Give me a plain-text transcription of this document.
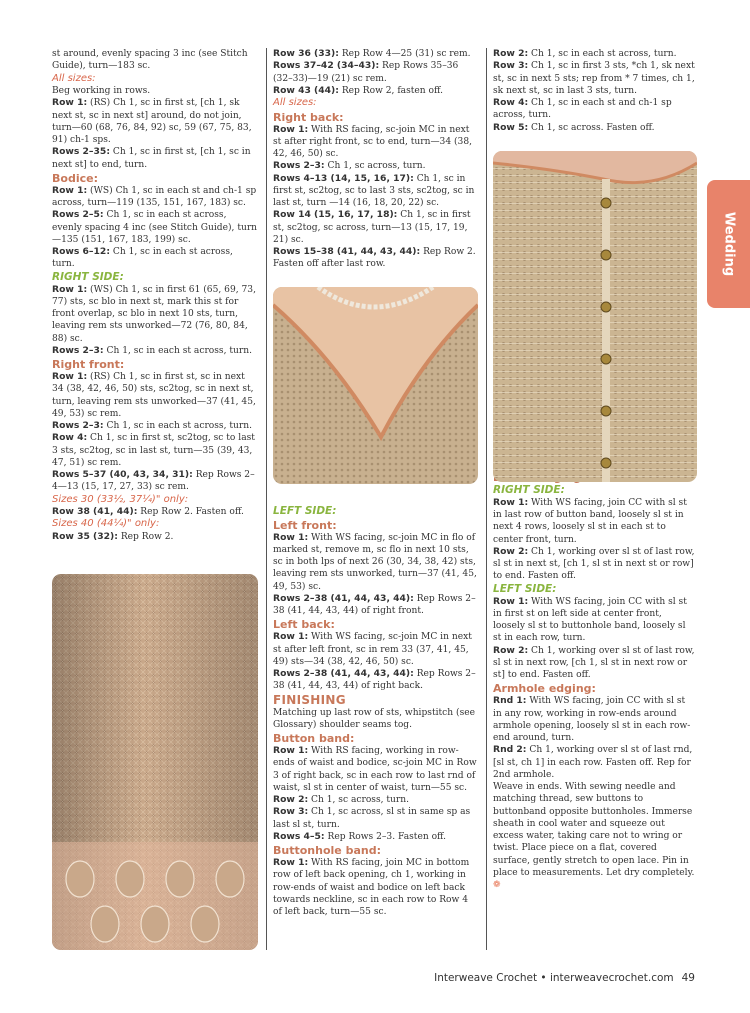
Wedding
st around, evenly spacing 3 inc (see Stitch Guide), turn—183 sc.
All sizes:
Beg working in rows.
Row 1: (RS) Ch 1, sc in first st, [ch 1, sk next st, sc in next st] around, do not join, turn—60 (68, 76, 84, 92) sc, 59 (67, 75, 83, 91) ch-1 sps.
Rows 2–35: Ch 1, sc in first st, [ch 1, sc in next st] to end, turn.
Bodice:
Row 1: (WS) Ch 1, sc in each st and ch-1 sp across, turn—119 (135, 151, 167, 183) sc.
Rows 2–5: Ch 1, sc in each st across, evenly spacing 4 inc (see Stitch Guide), turn—135 (151, 167, 183, 199) sc.
Rows 6–12: Ch 1, sc in each st across, turn.
RIGHT SIDE:
Row 1: (WS) Ch 1, sc in first 61 (65, 69, 73, 77) sts, sc blo in next st, mark this st for front overlap, sc blo in next 10 sts, turn, leaving rem sts unworked—72 (76, 80, 84, 88) sc.
Rows 2–3: Ch 1, sc in each st across, turn.
Right front:
Row 1: (RS) Ch 1, sc in first st, sc in next 34 (38, 42, 46, 50) sts, sc2tog, sc in next st, turn, leaving rem sts unworked—37 (41, 45, 49, 53) sc rem.
Rows 2–3: Ch 1, sc in each st across, turn.
Row 4: Ch 1, sc in first st, sc2tog, sc to last 3 sts, sc2tog, sc in last st, turn—35 (39, 43, 47, 51) sc rem.
Rows 5–37 (40, 43, 34, 31): Rep Rows 2–4—13 (15, 17, 27, 33) sc rem.
Sizes 30 (33½, 37¼)" only:
Row 38 (41, 44): Rep Row 2. Fasten off.
Sizes 40 (44¼)" only:
Row 35 (32): Rep Row 2.
Row 36 (33): Rep Row 4—25 (31) sc rem.
Rows 37–42 (34–43): Rep Rows 35–36 (32–33)—19 (21) sc rem.
Row 43 (44): Rep Row 2, fasten off.
All sizes:
Right back:
Row 1: With RS facing, sc-join MC in next st after right front, sc to end, turn—34 (38, 42, 46, 50) sc.
Rows 2–3: Ch 1, sc across, turn.
Rows 4–13 (14, 15, 16, 17): Ch 1, sc in first st, sc2tog, sc to last 3 sts, sc2tog, sc in last st, turn —14 (16, 18, 20, 22) sc.
Row 14 (15, 16, 17, 18): Ch 1, sc in first st, sc2tog, sc across, turn—13 (15, 17, 19, 21) sc.
Rows 15–38 (41, 44, 43, 44): Rep Row 2. Fasten off after last row.
LEFT SIDE:
Left front:
Row 1: With WS facing, sc-join MC in flo of marked st, remove m, sc flo in next 10 sts, sc in both lps of next 26 (30, 34, 38, 42) sts, leaving rem sts unworked, turn—37 (41, 45, 49, 53) sc.
Rows 2–38 (41, 44, 43, 44): Rep Rows 2–38 (41, 44, 43, 44) of right front.
Left back:
Row 1: With WS facing, sc-join MC in next st after left front, sc in rem 33 (37, 41, 45, 49) sts—34 (38, 42, 46, 50) sc.
Rows 2–38 (41, 44, 43, 44): Rep Rows 2–38 (41, 44, 43, 44) of right back.
FINISHING
Matching up last row of sts, whipstitch (see Glossary) shoulder seams tog.
Button band:
Row 1: With RS facing, working in row-ends of waist and bodice, sc-join MC in Row 3 of right back, sc in each row to last rnd of waist, sl st in center of waist, turn—55 sc.
Row 2: Ch 1, sc across, turn.
Row 3: Ch 1, sc across, sl st in same sp as last sl st, turn.
Rows 4–5: Rep Rows 2–3. Fasten off.
Buttonhole band:
Row 1: With RS facing, join MC in bottom row of left back opening, ch 1, working in row-ends of waist and bodice on left back towards neckline, sc in each row to Row 4 of left back, turn—55 sc.
Row 2: Ch 1, sc in each st across, turn.
Row 3: Ch 1, sc in first 3 sts, *ch 1, sk next st, sc in next 5 sts; rep from * 7 times, ch 1, sk next st, sc in last 3 sts, turn.
Row 4: Ch 1, sc in each st and ch-1 sp across, turn.
Row 5: Ch 1, sc across. Fasten off.
RIGHT SIDE:
Row 1: With WS facing, join CC with sl st in last row of button band, loosely sl st in next 4 rows, loosely sl st in each st to center front, turn.
Row 2: Ch 1, working over sl st of last row, sl st in next st, [ch 1, sl st in next st or row] to end. Fasten off.
LEFT SIDE:
Row 1: With WS facing, join CC with sl st in first st on left side at center front, loosely sl st to buttonhole band, loosely sl st in each row, turn.
Row 2: Ch 1, working over sl st of last row, sl st in next row, [ch 1, sl st in next row or st] to end. Fasten off.
Armhole edging:
Rnd 1: With WS facing, join CC with sl st in any row, working in row-ends around armhole opening, loosely sl st in each row-end around, turn.
Rnd 2: Ch 1, working over sl st of last rnd, [sl st, ch 1] in each row. Fasten off. Rep for 2nd armhole.
Weave in ends. With sewing needle and matching thread, sew buttons to buttonband opposite buttonholes. Immerse sheath in cool water and squeeze out excess water, taking care not to wring or twist. Place piece on a flat, covered surface, gently stretch to open lace. Pin in place to measurements. Let dry completely. ❁
Interweave Crochet • interweavecrochet.com 49
